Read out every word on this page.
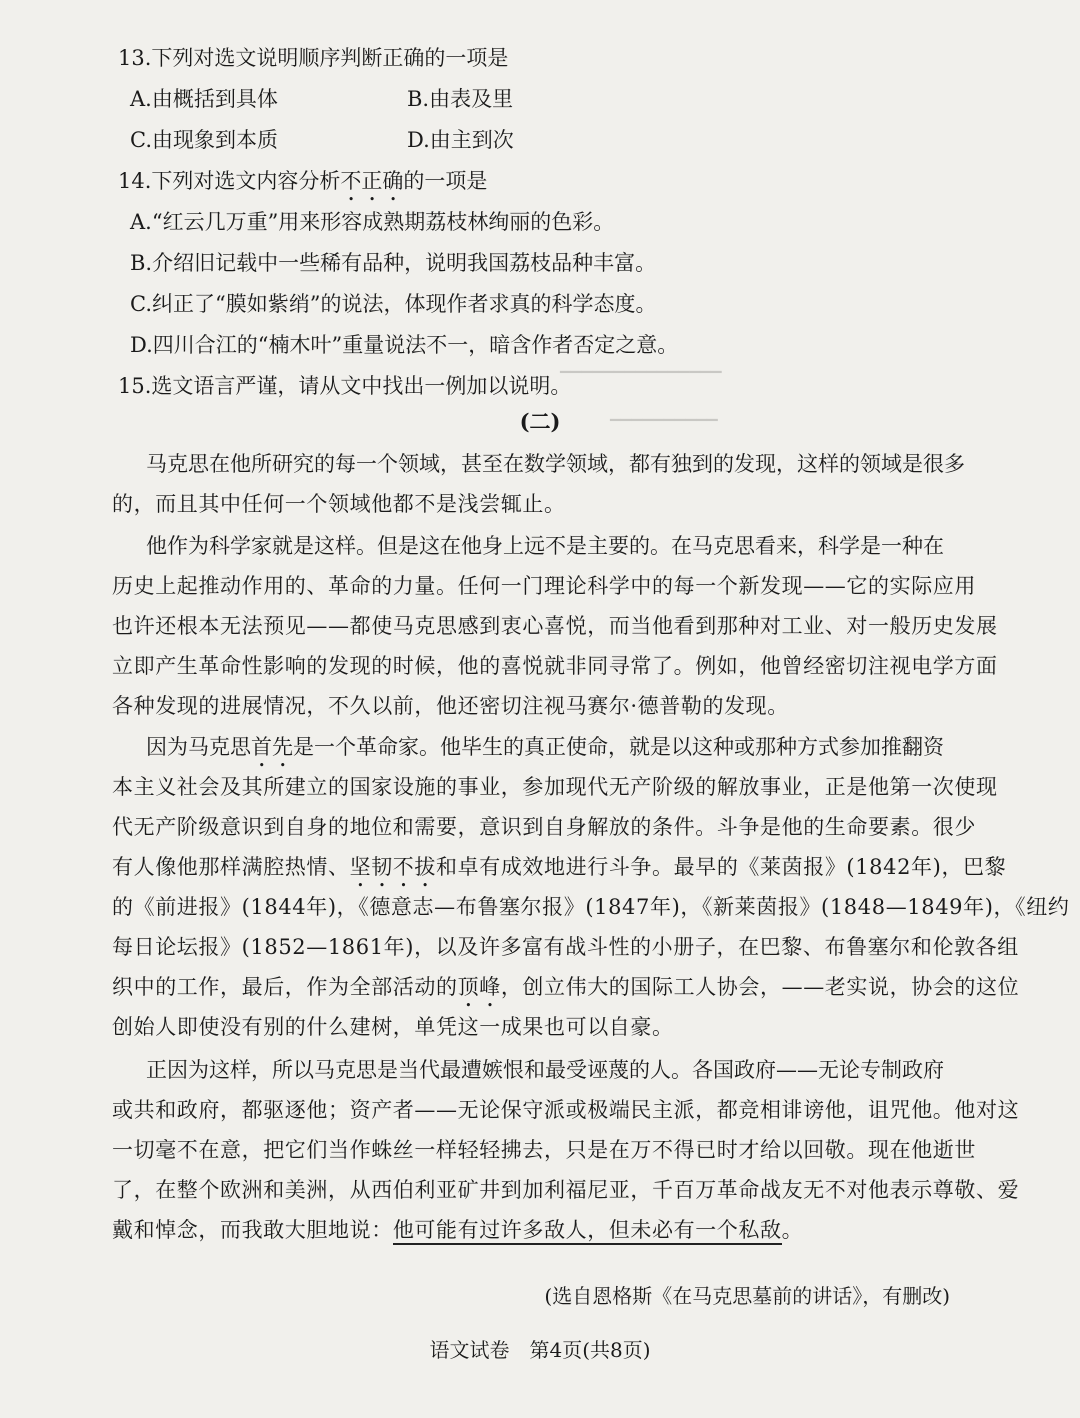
▔▔▔▔▔▔▔▔▔▔▔▔▔▔▔
▔▔▔▔▔▔▔▔▔▔
13.下列对选文说明顺序判断正确的一项是
A.由概括到具体	B.由表及里
C.由现象到本质	D.由主到次
14.下列对选文内容分析不正确的一项是
A.“红云几万重”用来形容成熟期荔枝林绚丽的色彩。
B.介绍旧记载中一些稀有品种，说明我国荔枝品种丰富。
C.纠正了“膜如紫绡”的说法，体现作者求真的科学态度。
D.四川合江的“楠木叶”重量说法不一，暗含作者否定之意。
15.选文语言严谨，请从文中找出一例加以说明。
(二)
马克思在他所研究的每一个领域，甚至在数学领域，都有独到的发现，这样的领域是很多
的，而且其中任何一个领域他都不是浅尝辄止。
他作为科学家就是这样。但是这在他身上远不是主要的。在马克思看来，科学是一种在
历史上起推动作用的、革命的力量。任何一门理论科学中的每一个新发现——它的实际应用
也许还根本无法预见——都使马克思感到衷心喜悦，而当他看到那种对工业、对一般历史发展
立即产生革命性影响的发现的时候，他的喜悦就非同寻常了。例如，他曾经密切注视电学方面
各种发现的进展情况，不久以前，他还密切注视马赛尔·德普勒的发现。
因为马克思首先是一个革命家。他毕生的真正使命，就是以这种或那种方式参加推翻资
本主义社会及其所建立的国家设施的事业，参加现代无产阶级的解放事业，正是他第一次使现
代无产阶级意识到自身的地位和需要，意识到自身解放的条件。斗争是他的生命要素。很少
有人像他那样满腔热情、坚韧不拔和卓有成效地进行斗争。最早的《莱茵报》(1842年)，巴黎
的《前进报》(1844年)，《德意志—布鲁塞尔报》(1847年)，《新莱茵报》(1848—1849年)，《纽约
每日论坛报》(1852—1861年)，以及许多富有战斗性的小册子，在巴黎、布鲁塞尔和伦敦各组
织中的工作，最后，作为全部活动的顶峰，创立伟大的国际工人协会，——老实说，协会的这位
创始人即使没有别的什么建树，单凭这一成果也可以自豪。
正因为这样，所以马克思是当代最遭嫉恨和最受诬蔑的人。各国政府——无论专制政府
或共和政府，都驱逐他；资产者——无论保守派或极端民主派，都竞相诽谤他，诅咒他。他对这
一切毫不在意，把它们当作蛛丝一样轻轻拂去，只是在万不得已时才给以回敬。现在他逝世
了，在整个欧洲和美洲，从西伯利亚矿井到加利福尼亚，千百万革命战友无不对他表示尊敬、爱
戴和悼念，而我敢大胆地说：他可能有过许多敌人，但未必有一个私敌。
(选自恩格斯《在马克思墓前的讲话》，有删改)
语文试卷　第4页(共8页)
